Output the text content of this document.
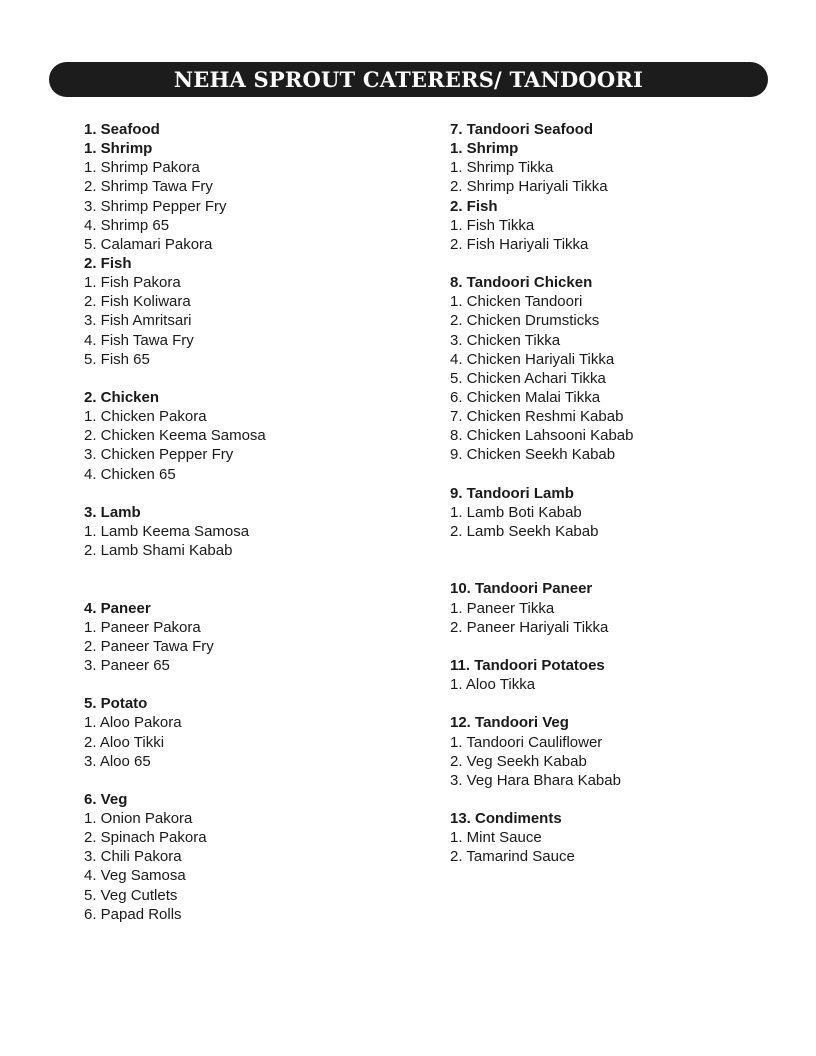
NEHA SPROUT CATERERS/ TANDOORI
1. Seafood
1. Shrimp
1. Shrimp Pakora
2. Shrimp Tawa Fry
3. Shrimp Pepper Fry
4. Shrimp 65
5. Calamari Pakora
2. Fish
1. Fish Pakora
2. Fish Koliwara
3. Fish Amritsari
4. Fish Tawa Fry
5. Fish 65
2. Chicken
1. Chicken Pakora
2. Chicken Keema Samosa
3. Chicken Pepper Fry
4. Chicken 65
3. Lamb
1. Lamb Keema Samosa
2. Lamb Shami Kabab
4. Paneer
1. Paneer Pakora
2. Paneer Tawa Fry
3. Paneer 65
5. Potato
1. Aloo Pakora
2. Aloo Tikki
3. Aloo 65
6. Veg
1. Onion Pakora
2. Spinach Pakora
3. Chili Pakora
4. Veg Samosa
5. Veg Cutlets
6. Papad Rolls
7. Tandoori Seafood
1. Shrimp
1. Shrimp Tikka
2. Shrimp Hariyali Tikka
2. Fish
1. Fish Tikka
2. Fish Hariyali Tikka
8. Tandoori Chicken
1. Chicken Tandoori
2. Chicken Drumsticks
3. Chicken Tikka
4. Chicken Hariyali Tikka
5. Chicken Achari Tikka
6. Chicken Malai Tikka
7. Chicken Reshmi Kabab
8. Chicken Lahsooni Kabab
9. Chicken Seekh Kabab
9. Tandoori Lamb
1. Lamb Boti Kabab
2. Lamb Seekh Kabab
10. Tandoori Paneer
1. Paneer Tikka
2. Paneer Hariyali Tikka
11. Tandoori Potatoes
1. Aloo Tikka
12. Tandoori Veg
1. Tandoori Cauliflower
2. Veg Seekh Kabab
3. Veg Hara Bhara Kabab
13. Condiments
1. Mint Sauce
2. Tamarind Sauce
